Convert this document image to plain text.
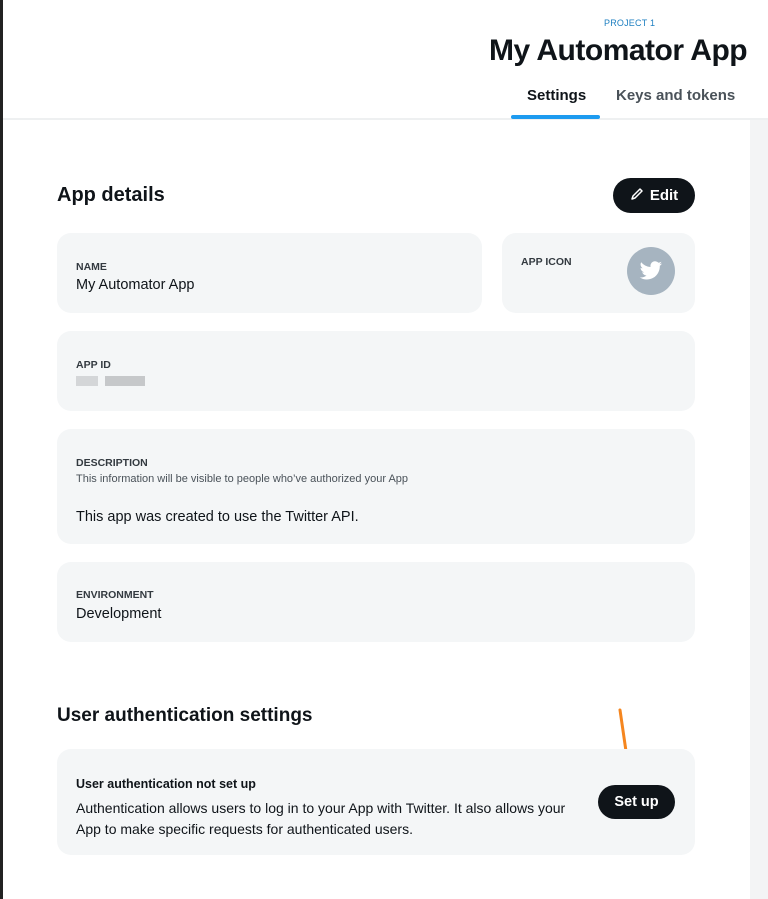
PROJECT 1
My Automator App
Settings Keys and tokens
App details	Edit
NAME
My Automator App
APP ICON
APP ID
DESCRIPTION
This information will be visible to people who’ve authorized your App
This app was created to use the Twitter API.
ENVIRONMENT
Development
User authentication settings
User authentication not set up
Authentication allows users to log in to your App with Twitter. It also allows your App to make specific requests for authenticated users.
Set up
